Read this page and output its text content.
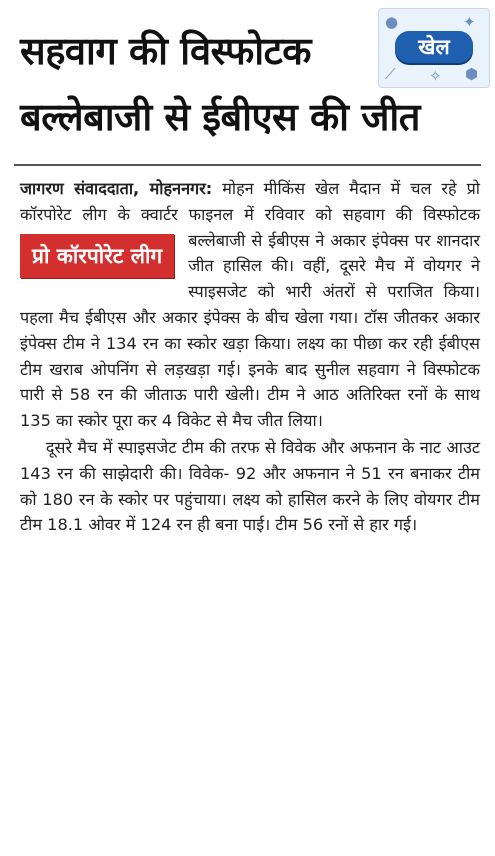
सहवाग की विस्फोटक
बल्लेबाजी से ईबीएस की जीत
●	✦
⟋ ✧ ⬢
खेल

जागरण संवाददाता, मोहननगर: मोहन मीकिंस खेल मैदान में चल रहे प्रो कॉरपोरेट लीग के क्वार्टर फाइनल में रविवार को सहवाग की विस्फोटक बल्लेबाजी से
प्रो कॉरपोरेट लीग
ईबीएस ने अकार इंपेक्स पर शानदार जीत हासिल की। वहीं, दूसरे मैच में वोयगर ने स्पाइसजेट को भारी अंतरों से पराजित किया। पहला मैच ईबीएस और अकार इंपेक्स के बीच खेला गया। टॉस जीतकर अकार इंपेक्स टीम ने 134 रन का स्कोर खड़ा किया। लक्ष्य का पीछा कर रही ईबीएस टीम खराब ओपनिंग से लड़खड़ा गई। इनके बाद सुनील सहवाग ने विस्फोटक पारी से 58 रन की जीताऊ पारी खेली। टीम ने आठ अतिरिक्त रनों के साथ 135 का स्कोर पूरा कर 4 विकेट से मैच जीत लिया।

दूसरे मैच में स्पाइसजेट टीम की तरफ से विवेक और अफनान के नाट आउट 143 रन की साझेदारी की। विवेक- 92 और अफनान ने 51 रन बनाकर टीम को 180 रन के स्कोर पर पहुंचाया। लक्ष्य को हासिल करने के लिए वोयगर टीम टीम 18.1 ओवर में 124 रन ही बना पाई। टीम 56 रनों से हार गई।
